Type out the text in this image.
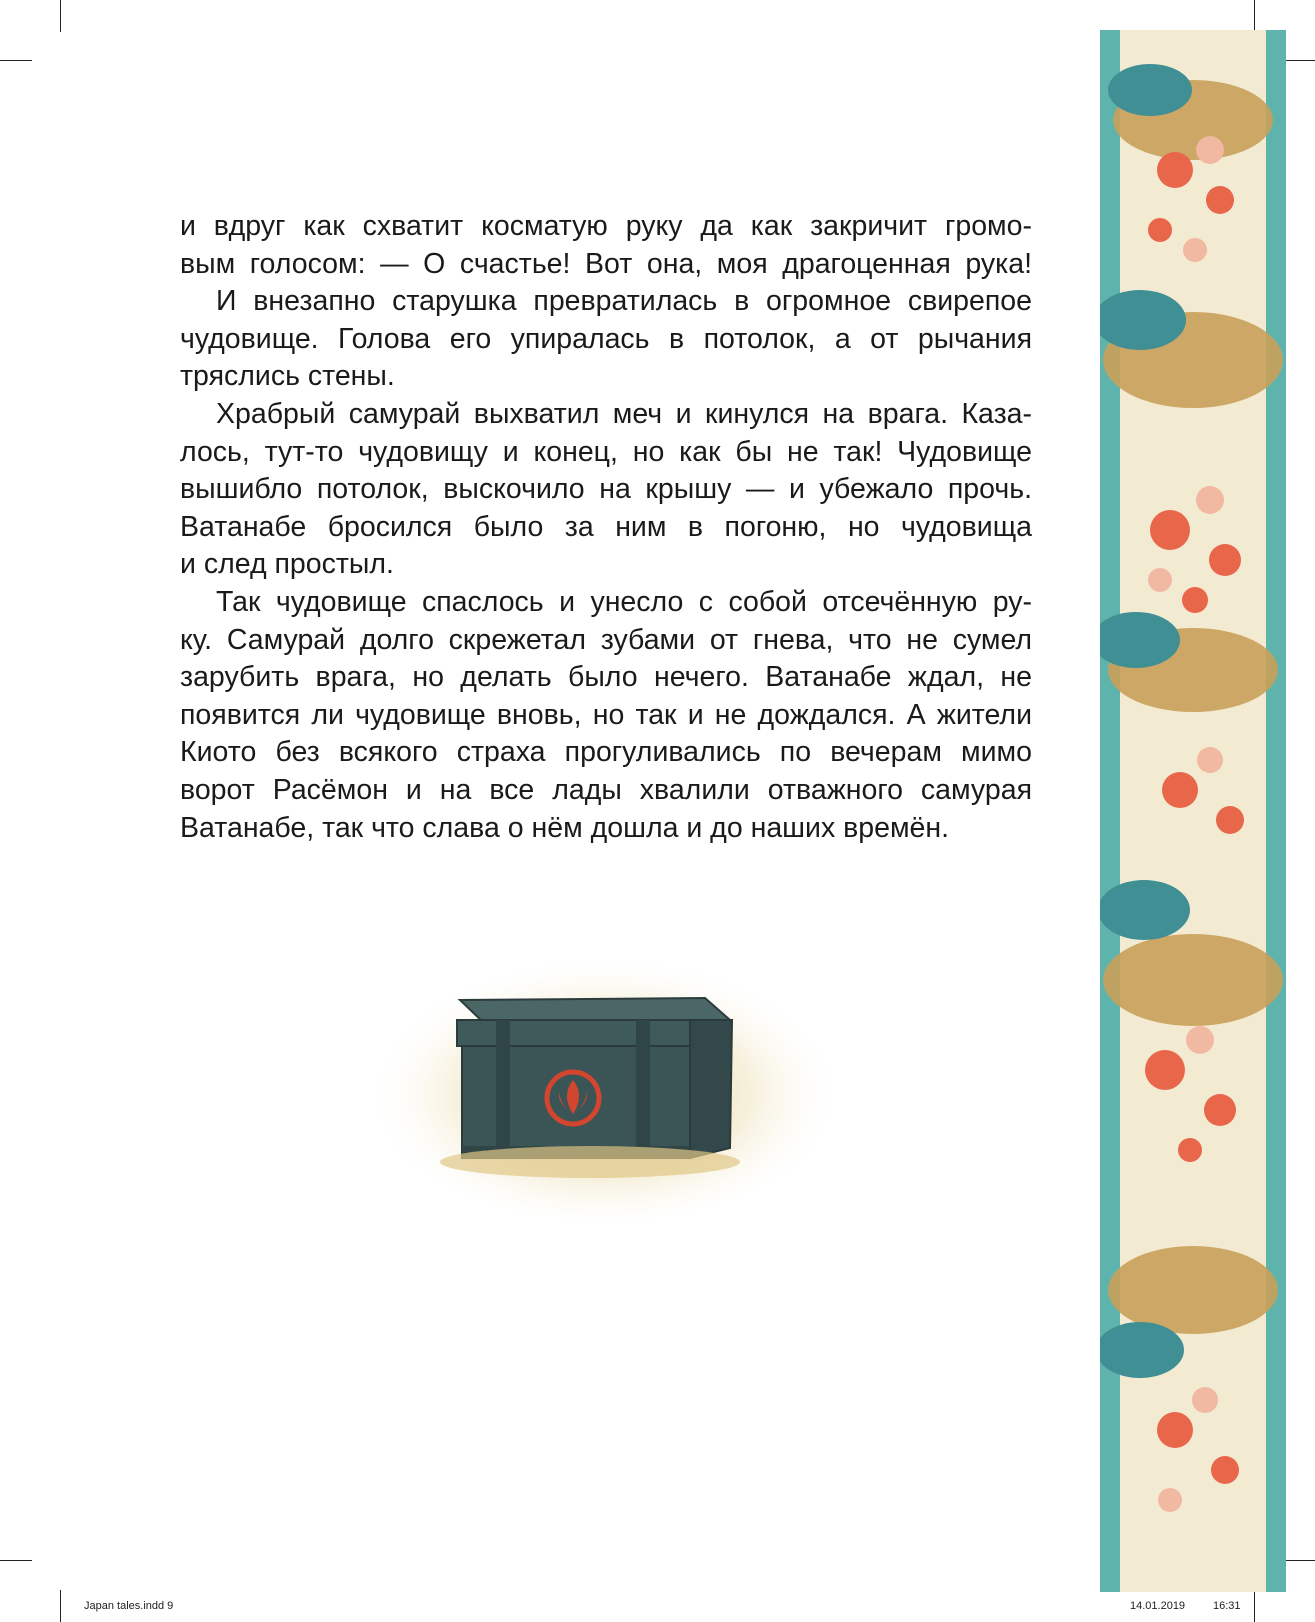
и вдруг как схватит косматую руку да как закричит громо-
вым голосом: — О счастье! Вот она, моя драгоценная рука!
И внезапно старушка превратилась в огромное свирепое
чудовище. Голова его упиралась в потолок, а от рычания
тряслись стены.
Храбрый самурай выхватил меч и кинулся на врага. Каза-
лось, тут-то чудовищу и конец, но как бы не так! Чудовище
вышибло потолок, выскочило на крышу — и убежало прочь.
Ватанабе бросился было за ним в погоню, но чудовища
и след простыл.
Так чудовище спаслось и унесло с собой отсечённую ру-
ку. Самурай долго скрежетал зубами от гнева, что не сумел
зарубить врага, но делать было нечего. Ватанабе ждал, не
появится ли чудовище вновь, но так и не дождался. А жители
Киото без всякого страха прогуливались по вечерам мимо
ворот Расёмон и на все лады хвалили отважного самурая
Ватанабе, так что слава о нём дошла и до наших времён.
Japan tales.indd 9	14.01.2019	16:31
